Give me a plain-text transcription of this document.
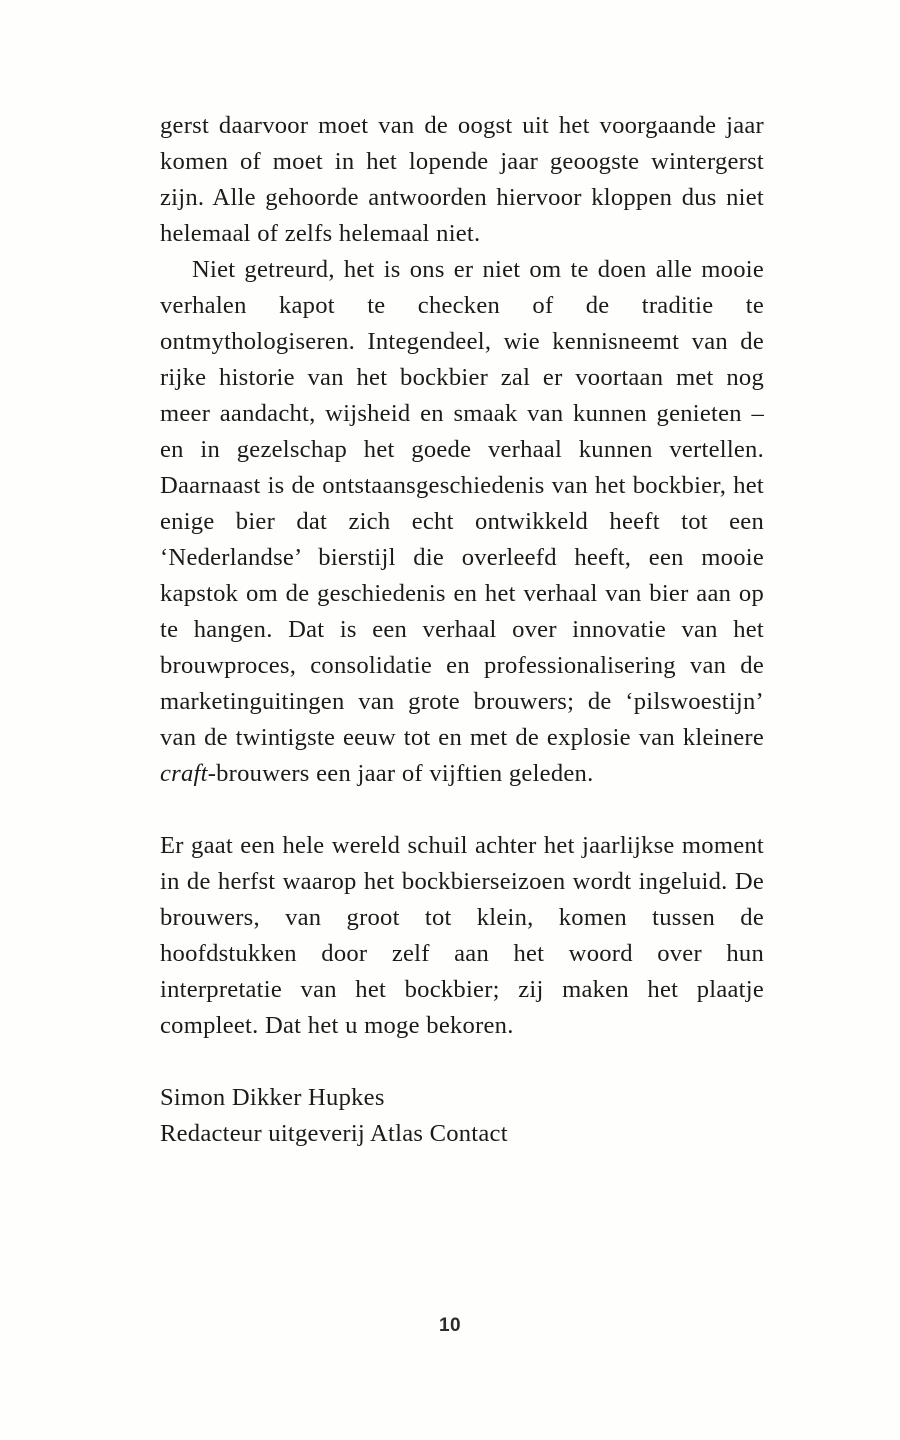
gerst daarvoor moet van de oogst uit het voorgaande jaar komen of moet in het lopende jaar geoogste wintergerst zijn. Alle gehoorde antwoorden hiervoor kloppen dus niet helemaal of zelfs helemaal niet.

Niet getreurd, het is ons er niet om te doen alle mooie verhalen kapot te checken of de traditie te ontmythologiseren. Integendeel, wie kennisneemt van de rijke historie van het bockbier zal er voortaan met nog meer aandacht, wijsheid en smaak van kunnen genieten – en in gezelschap het goede verhaal kunnen vertellen. Daarnaast is de ontstaansgeschiedenis van het bockbier, het enige bier dat zich echt ontwikkeld heeft tot een ‘Nederlandse’ bierstijl die overleefd heeft, een mooie kapstok om de geschiedenis en het verhaal van bier aan op te hangen. Dat is een verhaal over innovatie van het brouwproces, consolidatie en professionalisering van de marketinguitingen van grote brouwers; de ‘pilswoestijn’ van de twintigste eeuw tot en met de explosie van kleinere craft-brouwers een jaar of vijftien geleden.

Er gaat een hele wereld schuil achter het jaarlijkse moment in de herfst waarop het bockbierseizoen wordt ingeluid. De brouwers, van groot tot klein, komen tussen de hoofdstukken door zelf aan het woord over hun interpretatie van het bockbier; zij maken het plaatje compleet. Dat het u moge bekoren.

Simon Dikker Hupkes

Redacteur uitgeverij Atlas Contact

10
